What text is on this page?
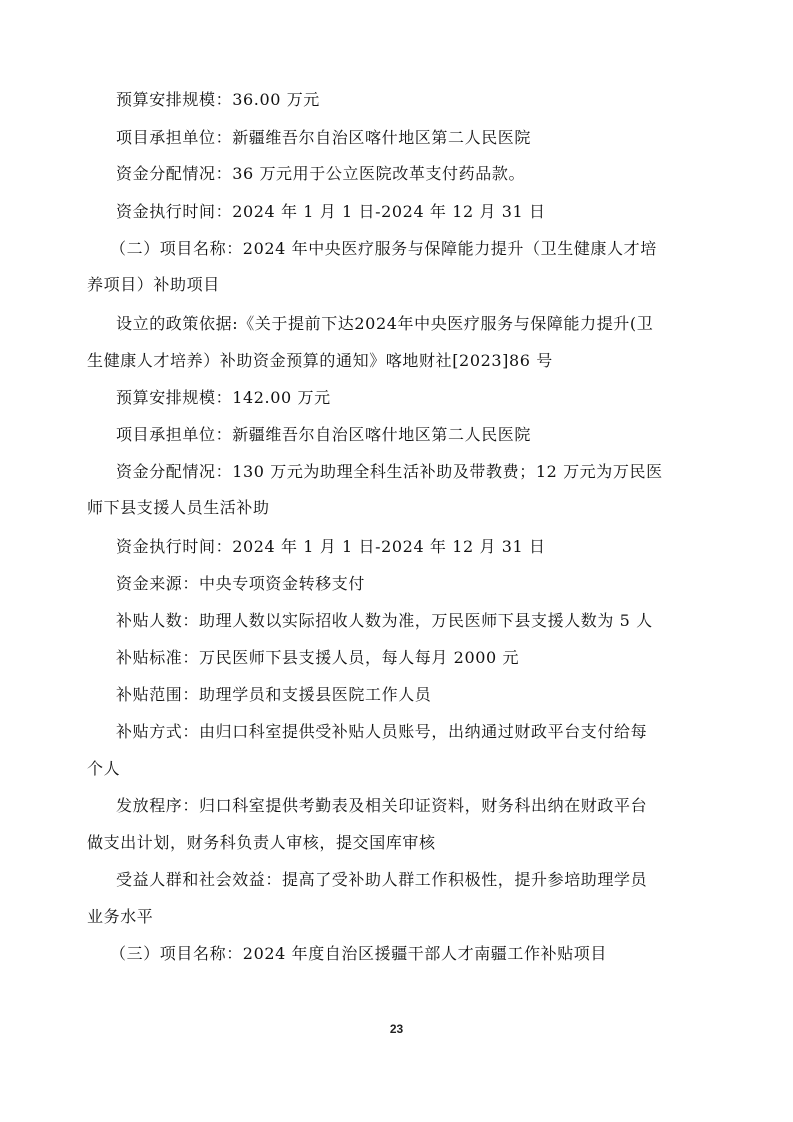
预算安排规模：36.00 万元
项目承担单位：新疆维吾尔自治区喀什地区第二人民医院
资金分配情况：36 万元用于公立医院改革支付药品款。
资金执行时间：2024 年 1 月 1 日-2024 年 12 月 31 日
（二）项目名称：2024 年中央医疗服务与保障能力提升（卫生健康人才培
养项目）补助项目
设立的政策依据:《关于提前下达2024年中央医疗服务与保障能力提升(卫
生健康人才培养）补助资金预算的通知》喀地财社[2023]86 号
预算安排规模：142.00 万元
项目承担单位：新疆维吾尔自治区喀什地区第二人民医院
资金分配情况：130 万元为助理全科生活补助及带教费；12 万元为万民医
师下县支援人员生活补助
资金执行时间：2024 年 1 月 1 日-2024 年 12 月 31 日
资金来源：中央专项资金转移支付
补贴人数：助理人数以实际招收人数为准，万民医师下县支援人数为 5 人
补贴标准：万民医师下县支援人员，每人每月 2000 元
补贴范围：助理学员和支援县医院工作人员
补贴方式：由归口科室提供受补贴人员账号，出纳通过财政平台支付给每
个人
发放程序：归口科室提供考勤表及相关印证资料，财务科出纳在财政平台
做支出计划，财务科负责人审核，提交国库审核
受益人群和社会效益：提高了受补助人群工作积极性，提升参培助理学员
业务水平
（三）项目名称：2024 年度自治区援疆干部人才南疆工作补贴项目
23
